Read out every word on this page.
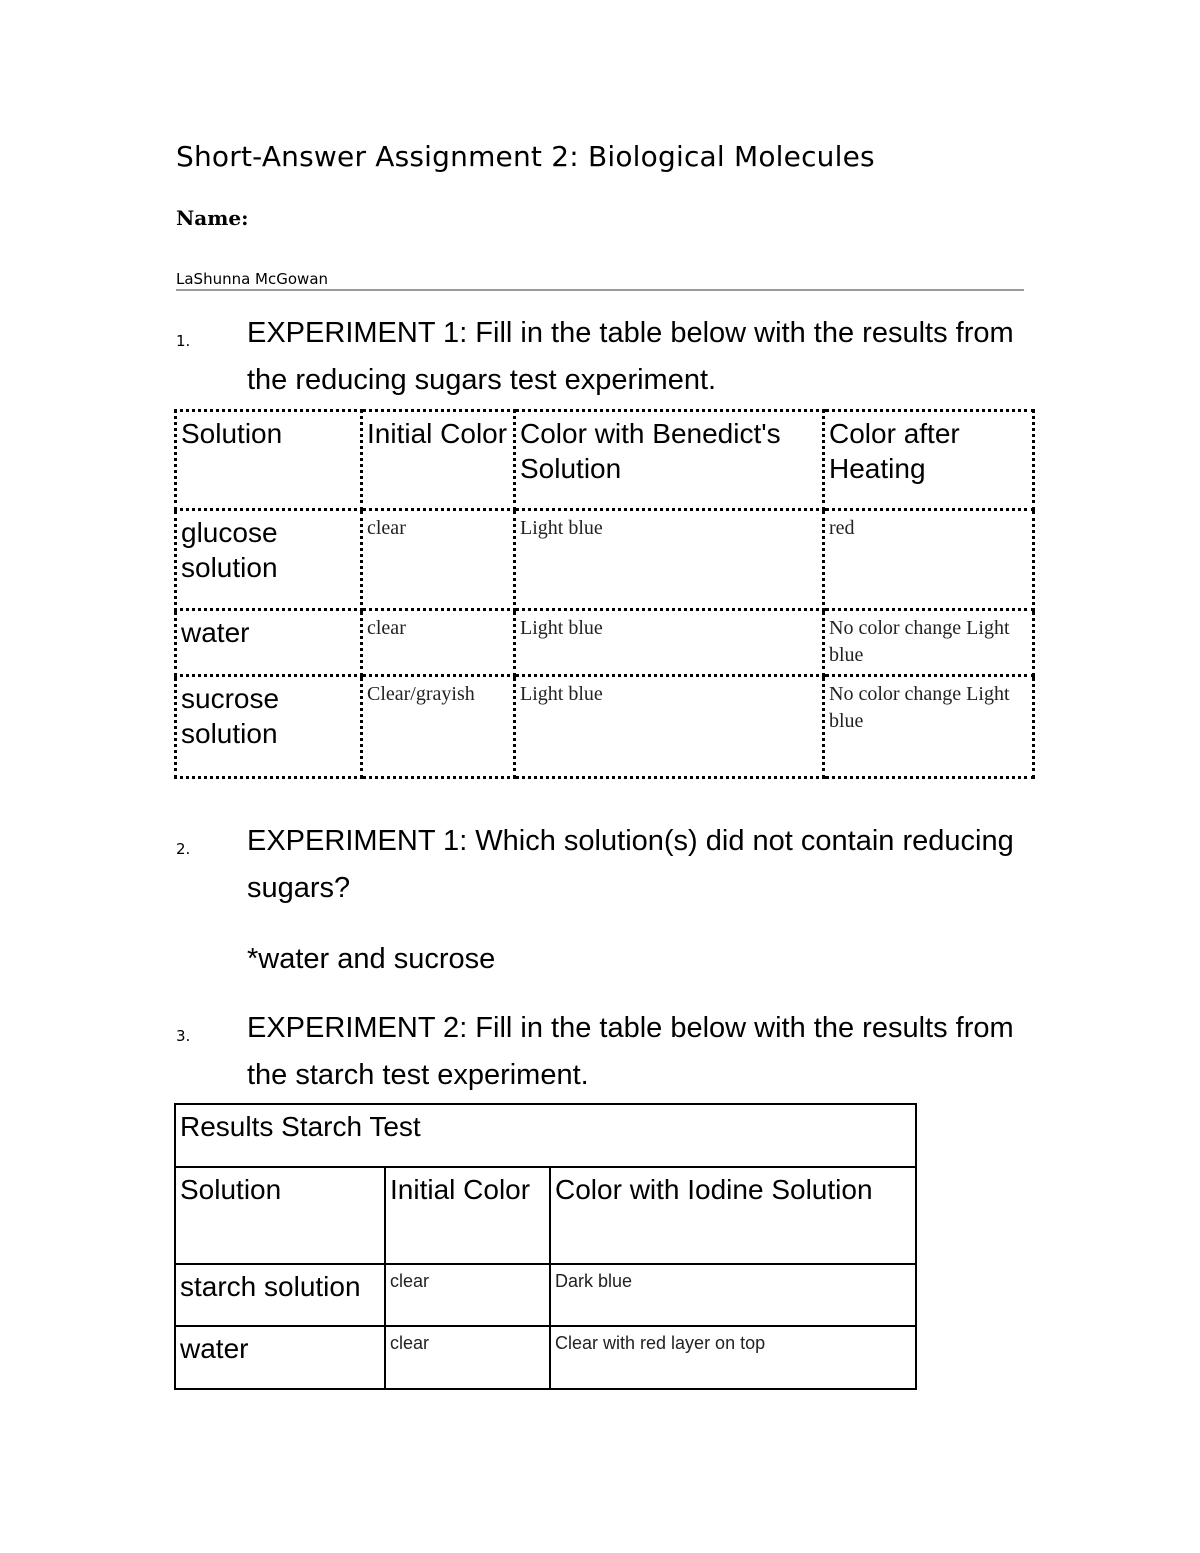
Short-Answer Assignment 2: Biological Molecules
Name:
LaShunna McGowan
1. EXPERIMENT 1: Fill in the table below with the results from the reducing sugars test experiment.
Solution	Initial Color	Color with Benedict's Solution	Color after Heating
glucose solution	clear	Light blue	red
water	clear	Light blue	No color change Light blue
sucrose solution	Clear/grayish	Light blue	No color change Light blue
2. EXPERIMENT 1: Which solution(s) did not contain reducing sugars?
*water and sucrose
3. EXPERIMENT 2: Fill in the table below with the results from the starch test experiment.
Results Starch Test		
Solution	Initial Color	Color with Iodine Solution
starch solution	clear	Dark blue
water	clear	Clear with red layer on top
